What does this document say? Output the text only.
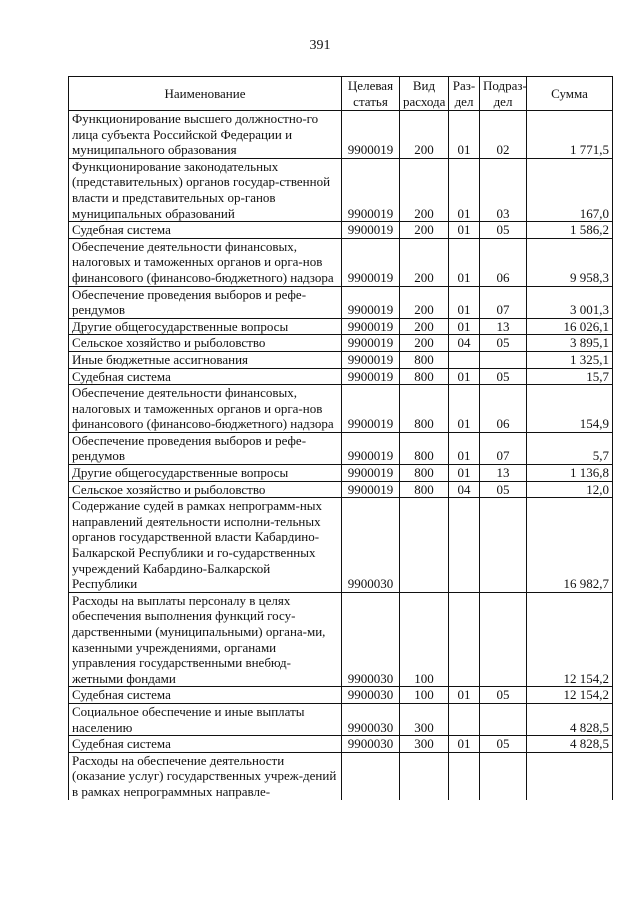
391
Наименование	Целевая статья	Вид расхода	Раз- дел	Подраз- дел	Сумма
Функционирование высшего должностно-го лица субъекта Российской Федерации и муниципального образования	9900019	200	01	02	1 771,5
Функционирование законодательных (представительных) органов государ-ственной власти и представительных ор-ганов муниципальных образований	9900019	200	01	03	167,0
Судебная система	9900019	200	01	05	1 586,2
Обеспечение деятельности финансовых, налоговых и таможенных органов и орга-нов финансового (финансово-бюджетного) надзора	9900019	200	01	06	9 958,3
Обеспечение проведения выборов и рефе-рендумов	9900019	200	01	07	3 001,3
Другие общегосударственные вопросы	9900019	200	01	13	16 026,1
Сельское хозяйство и рыболовство	9900019	200	04	05	3 895,1
Иные бюджетные ассигнования	9900019	800			1 325,1
Судебная система	9900019	800	01	05	15,7
Обеспечение деятельности финансовых, налоговых и таможенных органов и орга-нов финансового (финансово-бюджетного) надзора	9900019	800	01	06	154,9
Обеспечение проведения выборов и рефе-рендумов	9900019	800	01	07	5,7
Другие общегосударственные вопросы	9900019	800	01	13	1 136,8
Сельское хозяйство и рыболовство	9900019	800	04	05	12,0
Содержание судей в рамках непрограмм-ных направлений деятельности исполни-тельных органов государственной власти Кабардино-Балкарской Республики и го-сударственных учреждений Кабардино-Балкарской Республики	9900030				16 982,7
Расходы на выплаты персоналу в целях обеспечения выполнения функций госу-дарственными (муниципальными) органа-ми, казенными учреждениями, органами управления государственными внебюд-жетными фондами	9900030	100			12 154,2
Судебная система	9900030	100	01	05	12 154,2
Социальное обеспечение и иные выплаты населению	9900030	300			4 828,5
Судебная система	9900030	300	01	05	4 828,5
Расходы на обеспечение деятельности (оказание услуг) государственных учреж-дений в рамках непрограммных направле-					
